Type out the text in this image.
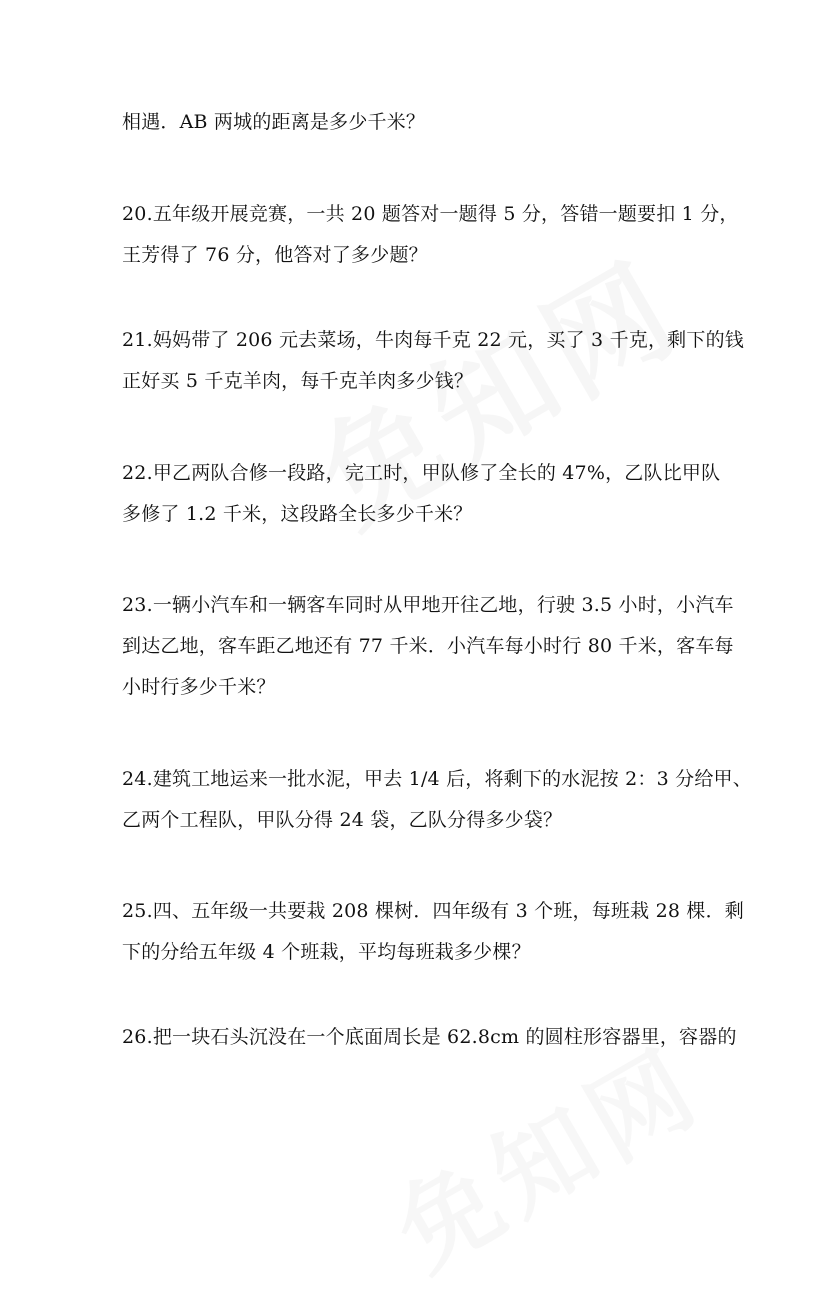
相遇．AB 两城的距离是多少千米？
20.五年级开展竞赛，一共 20 题答对一题得 5 分，答错一题要扣 1 分，
王芳得了 76 分，他答对了多少题？
21.妈妈带了 206 元去菜场，牛肉每千克 22 元，买了 3 千克，剩下的钱
正好买 5 千克羊肉，每千克羊肉多少钱？
22.甲乙两队合修一段路，完工时，甲队修了全长的 47%，乙队比甲队
多修了 1.2 千米，这段路全长多少千米？
23.一辆小汽车和一辆客车同时从甲地开往乙地，行驶 3.5 小时，小汽车
到达乙地，客车距乙地还有 77 千米．小汽车每小时行 80 千米，客车每
小时行多少千米？
24.建筑工地运来一批水泥，甲去 1/4 后，将剩下的水泥按 2：3 分给甲、
乙两个工程队，甲队分得 24 袋，乙队分得多少袋？
25.四、五年级一共要栽 208 棵树．四年级有 3 个班，每班栽 28 棵．剩
下的分给五年级 4 个班栽，平均每班栽多少棵？
26.把一块石头沉没在一个底面周长是 62.8cm 的圆柱形容器里，容器的
